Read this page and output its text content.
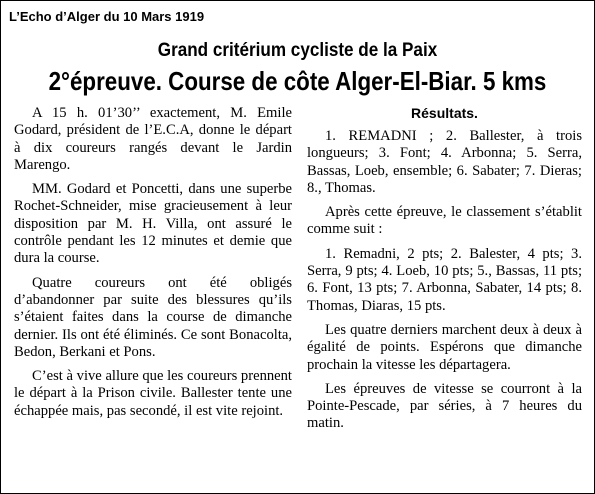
L’Echo d’Alger du 10 Mars 1919
Grand critérium cycliste de la Paix
2°épreuve. Course de côte Alger-El-Biar. 5 kms

A 15 h. 01’30’’ exactement, M. Emile Godard, président de l’E.C.A, donne le départ à dix coureurs rangés devant le Jardin Marengo.

MM. Godard et Poncetti, dans une superbe Rochet-Schneider, mise gracieusement à leur disposition par M. H. Villa, ont assuré le contrôle pendant les 12 minutes et demie que dura la course.

Quatre coureurs ont été obligés d’abandonner par suite des blessures qu’ils s’étaient faites dans la course de dimanche dernier. Ils ont été éliminés. Ce sont Bonacolta, Bedon, Berkani et Pons.

C’est à vive allure que les coureurs prennent le départ à la Prison civile. Ballester tente une échappée mais, pas secondé, il est vite rejoint.

Résultats.

1. REMADNI ; 2. Ballester, à trois longueurs; 3. Font; 4. Arbonna; 5. Serra, Bassas, Loeb, ensemble; 6. Sabater; 7. Dieras; 8., Thomas.

Après cette épreuve, le classement s’établit comme suit :

1. Remadni, 2 pts; 2. Balester, 4 pts; 3. Serra, 9 pts; 4. Loeb, 10 pts; 5., Bassas, 11 pts; 6. Font, 13 pts; 7. Arbonna, Sabater, 14 pts; 8. Thomas, Diaras, 15 pts.

Les quatre derniers marchent deux à deux à égalité de points. Espérons que dimanche prochain la vitesse les départagera.

Les épreuves de vitesse se courront à la Pointe-Pescade, par séries, à 7 heures du matin.
